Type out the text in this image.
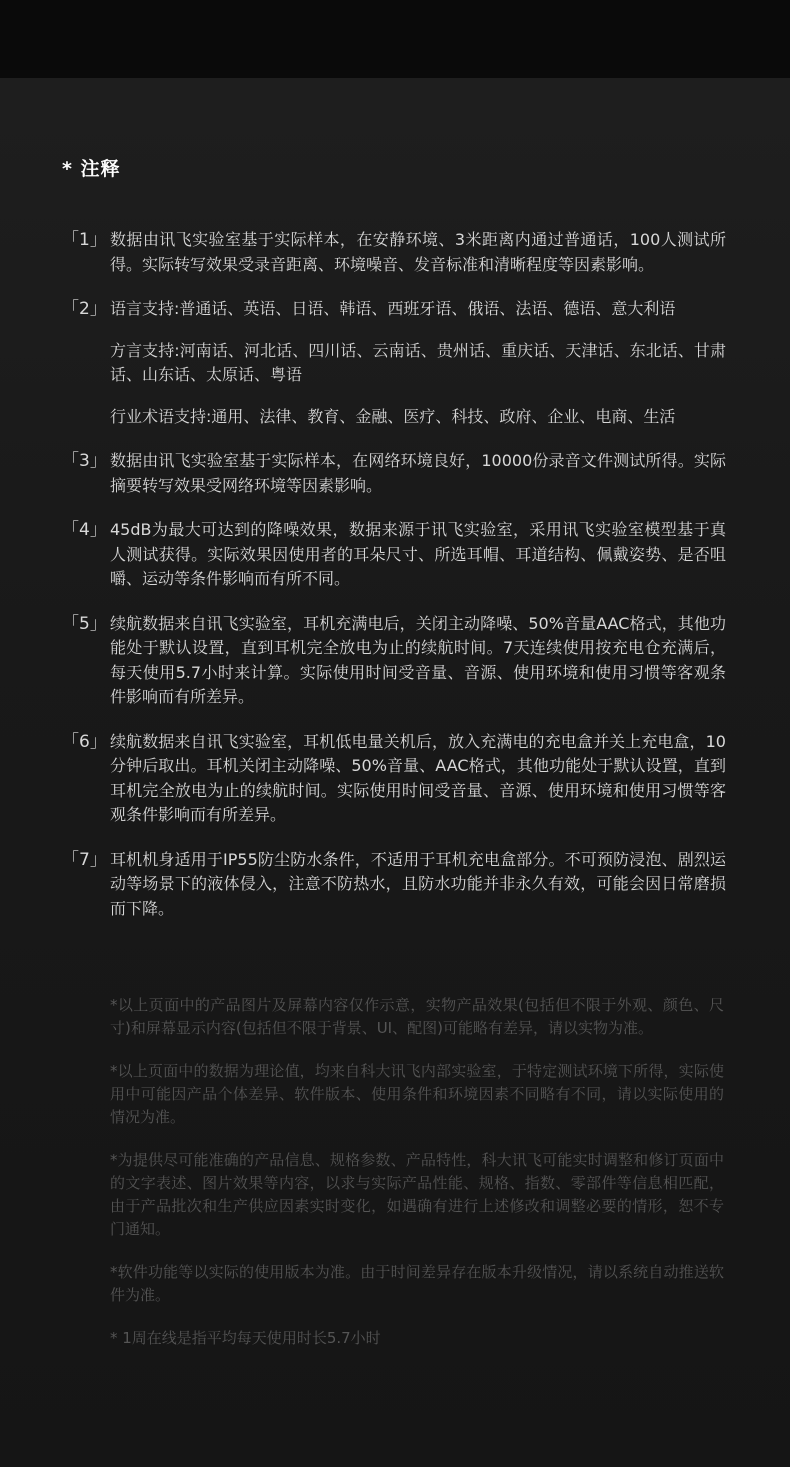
* 注释
「1」 数据由讯飞实验室基于实际样本，在安静环境、3米距离内通过普通话，100人测试所得。实际转写效果受录音距离、环境噪音、发音标准和清晰程度等因素影响。

「2」 语言支持:普通话、英语、日语、韩语、西班牙语、俄语、法语、德语、意大利语

方言支持:河南话、河北话、四川话、云南话、贵州话、重庆话、天津话、东北话、甘肃话、山东话、太原话、粤语

行业术语支持:通用、法律、教育、金融、医疗、科技、政府、企业、电商、生活

「3」 数据由讯飞实验室基于实际样本，在网络环境良好，10000份录音文件测试所得。实际摘要转写效果受网络环境等因素影响。

「4」 45dB为最大可达到的降噪效果，数据来源于讯飞实验室，采用讯飞实验室模型基于真人测试获得。实际效果因使用者的耳朵尺寸、所选耳帽、耳道结构、佩戴姿势、是否咀嚼、运动等条件影响而有所不同。

「5」 续航数据来自讯飞实验室，耳机充满电后，关闭主动降噪、50%音量AAC格式，其他功能处于默认设置，直到耳机完全放电为止的续航时间。7天连续使用按充电仓充满后，每天使用5.7小时来计算。实际使用时间受音量、音源、使用环境和使用习惯等客观条件影响而有所差异。

「6」 续航数据来自讯飞实验室，耳机低电量关机后，放入充满电的充电盒并关上充电盒，10分钟后取出。耳机关闭主动降噪、50%音量、AAC格式，其他功能处于默认设置，直到耳机完全放电为止的续航时间。实际使用时间受音量、音源、使用环境和使用习惯等客观条件影响而有所差异。

「7」 耳机机身适用于IP55防尘防水条件，不适用于耳机充电盒部分。不可预防浸泡、剧烈运动等场景下的液体侵入，注意不防热水，且防水功能并非永久有效，可能会因日常磨损而下降。

*以上页面中的产品图片及屏幕内容仅作示意，实物产品效果(包括但不限于外观、颜色、尺寸)和屏幕显示内容(包括但不限于背景、UI、配图)可能略有差异，请以实物为准。

*以上页面中的数据为理论值，均来自科大讯飞内部实验室，于特定测试环境下所得，实际使用中可能因产品个体差异、软件版本、使用条件和环境因素不同略有不同，请以实际使用的情况为准。

*为提供尽可能准确的产品信息、规格参数、产品特性，科大讯飞可能实时调整和修订页面中的文字表述、图片效果等内容，以求与实际产品性能、规格、指数、零部件等信息相匹配，由于产品批次和生产供应因素实时变化，如遇确有进行上述修改和调整必要的情形，恕不专门通知。

*软件功能等以实际的使用版本为准。由于时间差异存在版本升级情况，请以系统自动推送软件为准。

* 1周在线是指平均每天使用时长5.7小时
